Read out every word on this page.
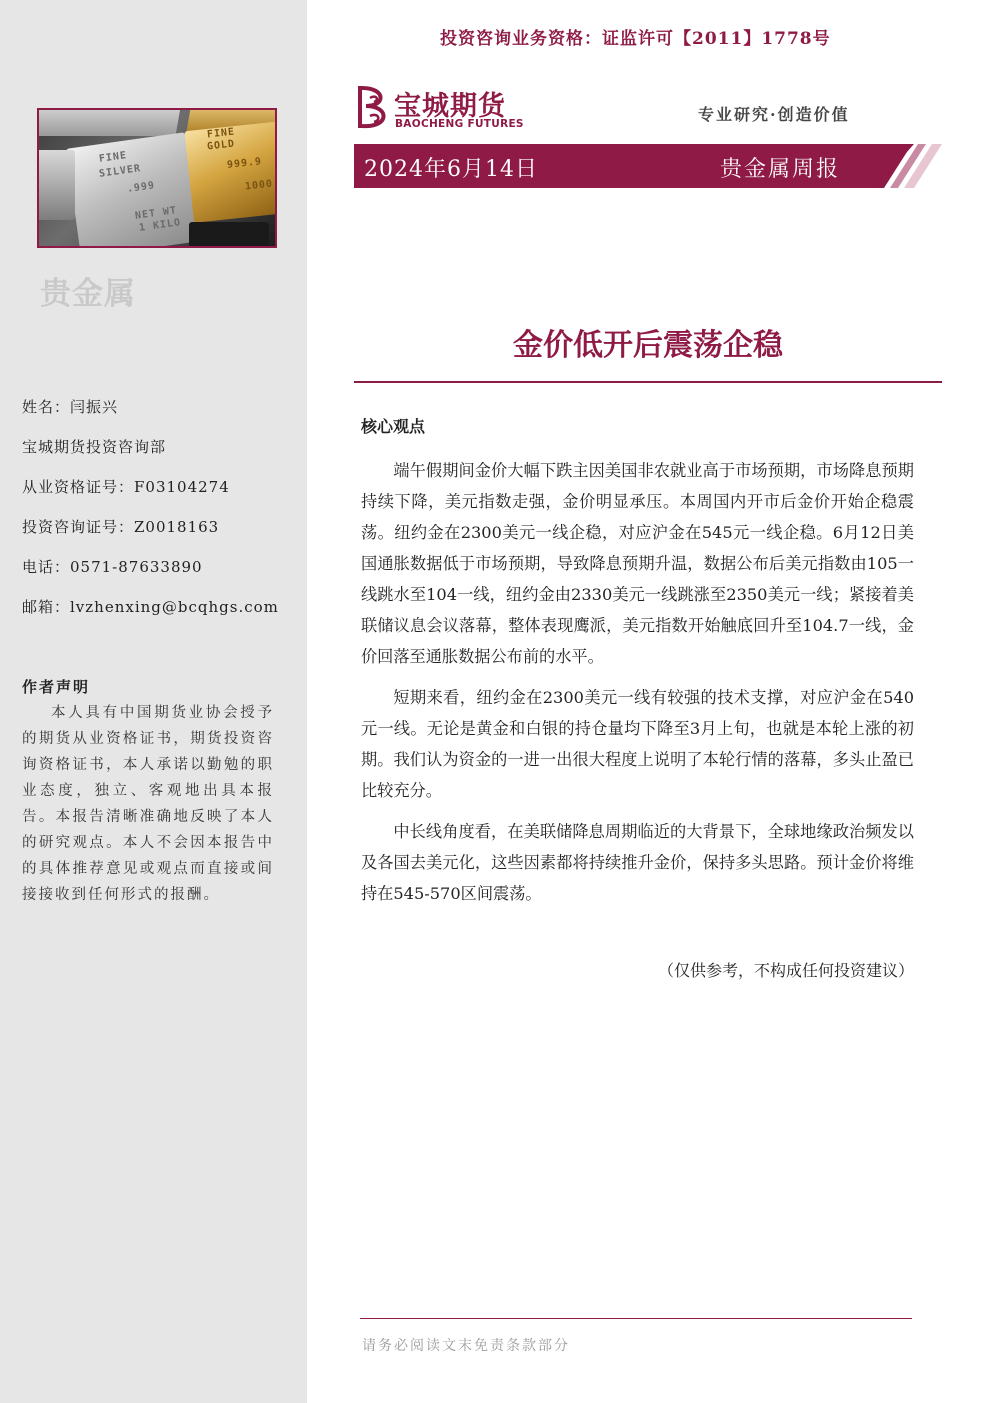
FINE
SILVER
.999
NET WT
1 KILO
FINE
GOLD
999.9
1000
贵金属
姓名：闫振兴
宝城期货投资咨询部
从业资格证号：F03104274
投资咨询证号：Z0018163
电话：0571-87633890
邮箱：lvzhenxing@bcqhgs.com
作者声明
本人具有中国期货业协会授予的期货从业资格证书，期货投资咨询资格证书，本人承诺以勤勉的职业态度，独立、客观地出具本报告。本报告清晰准确地反映了本人的研究观点。本人不会因本报告中的具体推荐意见或观点而直接或间接接收到任何形式的报酬。
投资咨询业务资格：证监许可【2011】1778号
宝城期货
BAOCHENG FUTURES	专业研究·创造价值
2024年6月14日	贵金属周报
金价低开后震荡企稳
核心观点

端午假期间金价大幅下跌主因美国非农就业高于市场预期，市场降息预期持续下降，美元指数走强，金价明显承压。本周国内开市后金价开始企稳震荡。纽约金在2300美元一线企稳，对应沪金在545元一线企稳。6月12日美国通胀数据低于市场预期，导致降息预期升温，数据公布后美元指数由105一线跳水至104一线，纽约金由2330美元一线跳涨至2350美元一线；紧接着美联储议息会议落幕，整体表现鹰派，美元指数开始触底回升至104.7一线，金价回落至通胀数据公布前的水平。

短期来看，纽约金在2300美元一线有较强的技术支撑，对应沪金在540元一线。无论是黄金和白银的持仓量均下降至3月上旬，也就是本轮上涨的初期。我们认为资金的一进一出很大程度上说明了本轮行情的落幕，多头止盈已比较充分。

中长线角度看，在美联储降息周期临近的大背景下，全球地缘政治频发以及各国去美元化，这些因素都将持续推升金价，保持多头思路。预计金价将维持在545-570区间震荡。

（仅供参考，不构成任何投资建议）
请务必阅读文末免责条款部分
